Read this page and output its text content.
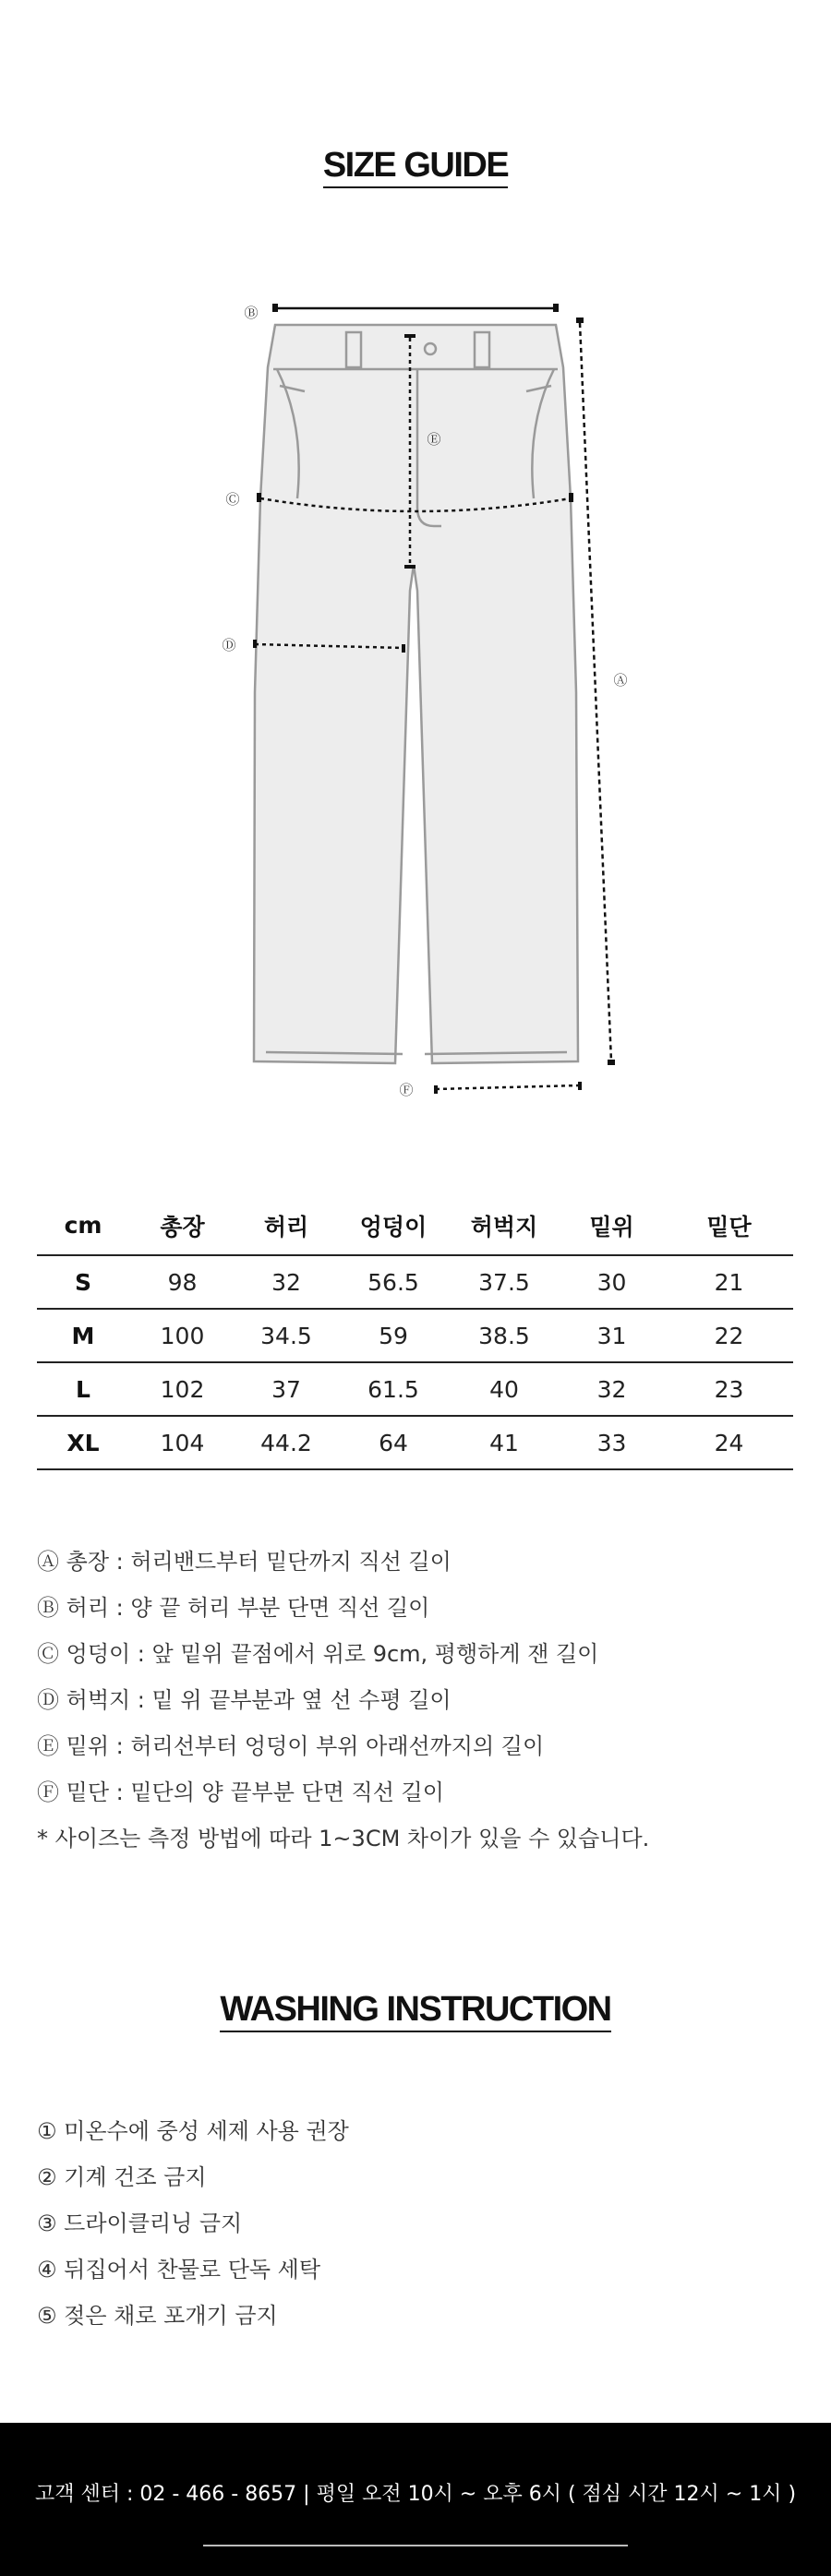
SIZE GUIDE
Ⓑ
Ⓒ
Ⓓ
Ⓔ
Ⓐ
Ⓕ
cm	총장	허리	엉덩이	허벅지	밑위	밑단
S	98	32	56.5	37.5	30	21
M	100	34.5	59	38.5	31	22
L	102	37	61.5	40	32	23
XL	104	44.2	64	41	33	24
Ⓐ 총장 : 허리밴드부터 밑단까지 직선 길이
Ⓑ 허리 : 양 끝 허리 부분 단면 직선 길이
Ⓒ 엉덩이 : 앞 밑위 끝점에서 위로 9cm, 평행하게 잰 길이
Ⓓ 허벅지 : 밑 위 끝부분과 옆 선 수평 길이
Ⓔ 밑위 : 허리선부터 엉덩이 부위 아래선까지의 길이
Ⓕ 밑단 : 밑단의 양 끝부분 단면 직선 길이
* 사이즈는 측정 방법에 따라 1~3CM 차이가 있을 수 있습니다.
WASHING INSTRUCTION
① 미온수에 중성 세제 사용 권장
② 기계 건조 금지
③ 드라이클리닝 금지
④ 뒤집어서 찬물로 단독 세탁
⑤ 젖은 채로 포개기 금지
고객 센터 : 02 - 466 - 8657 | 평일 오전 10시 ~ 오후 6시 ( 점심 시간 12시 ~ 1시 )
